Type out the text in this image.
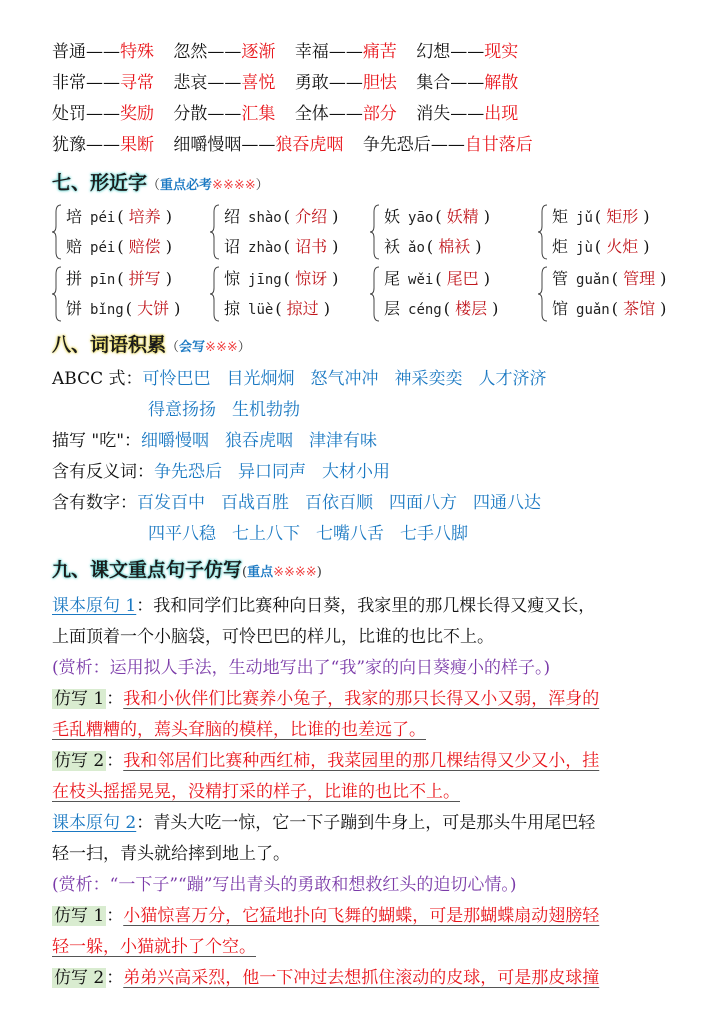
普通——特殊 忽然——逐渐 幸福——痛苦 幻想——现实
非常——寻常 悲哀——喜悦 勇敢——胆怯 集合——解散
处罚——奖励 分散——汇集 全体——部分 消失——出现
犹豫——果断 细嚼慢咽——狼吞虎咽 争先恐后——自甘落后
七、形近字（重点必考※※※※）
培 péi ( 培养 )
赔 péi ( 赔偿 )
绍 shào ( 介绍 )
诏 zhào ( 诏书 )
妖 yāo ( 妖精 )
袄 ǎo ( 棉袄 )
矩 jǔ ( 矩形 )
炬 jù ( 火炬 )
拼 pīn ( 拼写 )
饼 bǐng ( 大饼 )
惊 jīng ( 惊讶 )
掠 lüè ( 掠过 )
尾 wěi ( 尾巴 )
层 céng ( 楼层 )
管 guǎn ( 管理 )
馆 guǎn ( 茶馆 )
八、词语积累（会写※※※）
ABCC 式：可怜巴巴 目光炯炯 怒气冲冲 神采奕奕 人才济济
得意扬扬 生机勃勃
描写 "吃"：细嚼慢咽 狼吞虎咽 津津有味
含有反义词：争先恐后 异口同声 大材小用
含有数字：百发百中 百战百胜 百依百顺 四面八方 四通八达
四平八稳 七上八下 七嘴八舌 七手八脚
九、课文重点句子仿写(重点※※※※)
课本原句 1：我和同学们比赛种向日葵，我家里的那几棵长得又瘦又长，
上面顶着一个小脑袋，可怜巴巴的样儿，比谁的也比不上。
(赏析：运用拟人手法，生动地写出了“我”家的向日葵瘦小的样子。)
仿写 1 ：我和小伙伴们比赛养小兔子，我家的那只长得又小又弱，浑身的
毛乱糟糟的，蔫头耷脑的模样，比谁的也差远了。
仿写 2 ：我和邻居们比赛种西红柿，我菜园里的那几棵结得又少又小，挂
在枝头摇摇晃晃，没精打采的样子，比谁的也比不上。
课本原句 2：青头大吃一惊，它一下子蹦到牛身上，可是那头牛用尾巴轻
轻一扫，青头就给摔到地上了。
(赏析：“一下子”“蹦”写出青头的勇敢和想救红头的迫切心情。)
仿写 1 ：小猫惊喜万分，它猛地扑向飞舞的蝴蝶，可是那蝴蝶扇动翅膀轻
轻一躲，小猫就扑了个空。
仿写 2 ：弟弟兴高采烈，他一下冲过去想抓住滚动的皮球，可是那皮球撞
